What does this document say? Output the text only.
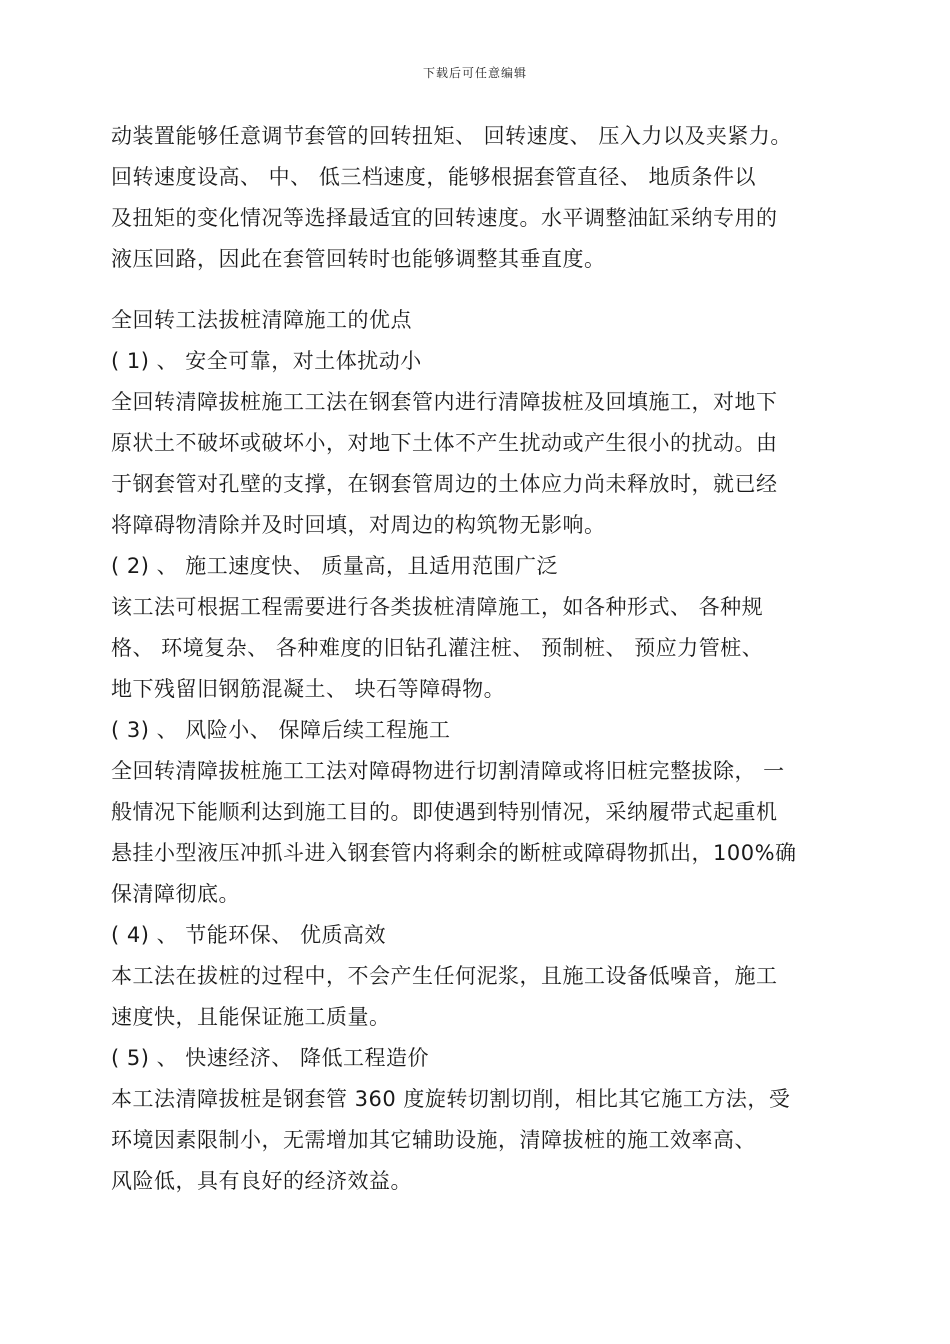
下载后可任意编辑
动装置能够任意调节套管的回转扭矩、 回转速度、 压入力以及夹紧力。
回转速度设高、 中、 低三档速度，能够根据套管直径、 地质条件以
及扭矩的变化情况等选择最适宜的回转速度。水平调整油缸采纳专用的
液压回路，因此在套管回转时也能够调整其垂直度。
全回转工法拔桩清障施工的优点
( 1) 、 安全可靠，对土体扰动小
全回转清障拔桩施工工法在钢套管内进行清障拔桩及回填施工，对地下
原状土不破坏或破坏小，对地下土体不产生扰动或产生很小的扰动。由
于钢套管对孔壁的支撑，在钢套管周边的土体应力尚未释放时，就已经
将障碍物清除并及时回填，对周边的构筑物无影响。
( 2) 、 施工速度快、 质量高，且适用范围广泛
该工法可根据工程需要进行各类拔桩清障施工，如各种形式、 各种规
格、 环境复杂、 各种难度的旧钻孔灌注桩、 预制桩、 预应力管桩、
地下残留旧钢筋混凝土、 块石等障碍物。
( 3) 、 风险小、 保障后续工程施工
全回转清障拔桩施工工法对障碍物进行切割清障或将旧桩完整拔除， 一
般情况下能顺利达到施工目的。即使遇到特别情况，采纳履带式起重机
悬挂小型液压冲抓斗进入钢套管内将剩余的断桩或障碍物抓出，100%确
保清障彻底。
( 4) 、 节能环保、 优质高效
本工法在拔桩的过程中，不会产生任何泥浆，且施工设备低噪音，施工
速度快，且能保证施工质量。
( 5) 、 快速经济、 降低工程造价
本工法清障拔桩是钢套管 360 度旋转切割切削，相比其它施工方法，受
环境因素限制小，无需增加其它辅助设施，清障拔桩的施工效率高、
风险低，具有良好的经济效益。
